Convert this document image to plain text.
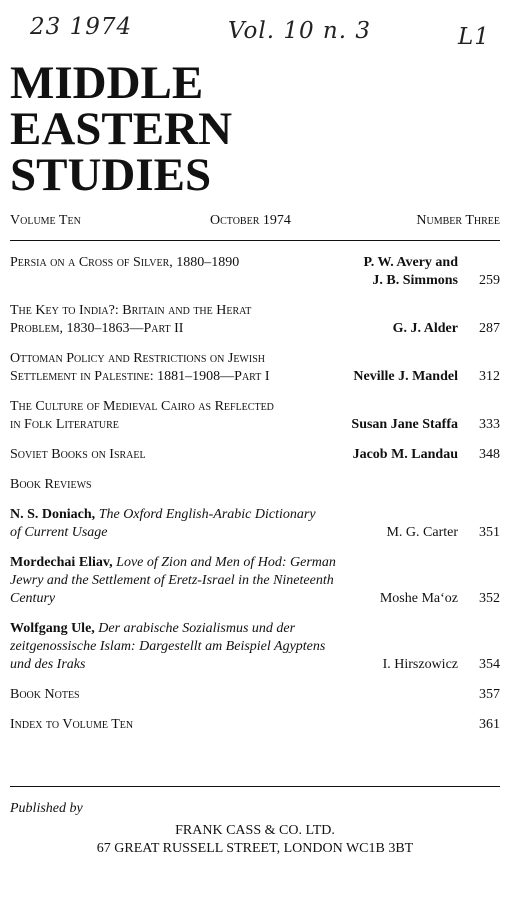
23 1974	Vol. 10 n. 3	L1
MIDDLE
EASTERN
STUDIES
Volume Ten	October 1974	Number Three
Persia on a Cross of Silver, 1880–1890	P. W. Avery and
J. B. Simmons 259
The Key to India?: Britain and the Herat
Problem, 1830–1863—Part II	G. J. Alder 287
Ottoman Policy and Restrictions on Jewish
Settlement in Palestine: 1881–1908—Part I	Neville J. Mandel 312
The Culture of Medieval Cairo as Reflected
in Folk Literature	Susan Jane Staffa 333
Soviet Books on Israel	Jacob M. Landau 348
Book Reviews
N. S. Doniach, The Oxford English-Arabic Dictionary
of Current Usage	M. G. Carter 351
Mordechai Eliav, Love of Zion and Men of Hod: German
Jewry and the Settlement of Eretz-Israel in the Nineteenth
Century	Moshe Ma‘oz 352
Wolfgang Ule, Der arabische Sozialismus und der
zeitgenossische Islam: Dargestellt am Beispiel Agyptens
und des Iraks	I. Hirszowicz 354
Book Notes	357
Index to Volume Ten	361
Published by
FRANK CASS & CO. LTD.
67 GREAT RUSSELL STREET, LONDON WC1B 3BT
